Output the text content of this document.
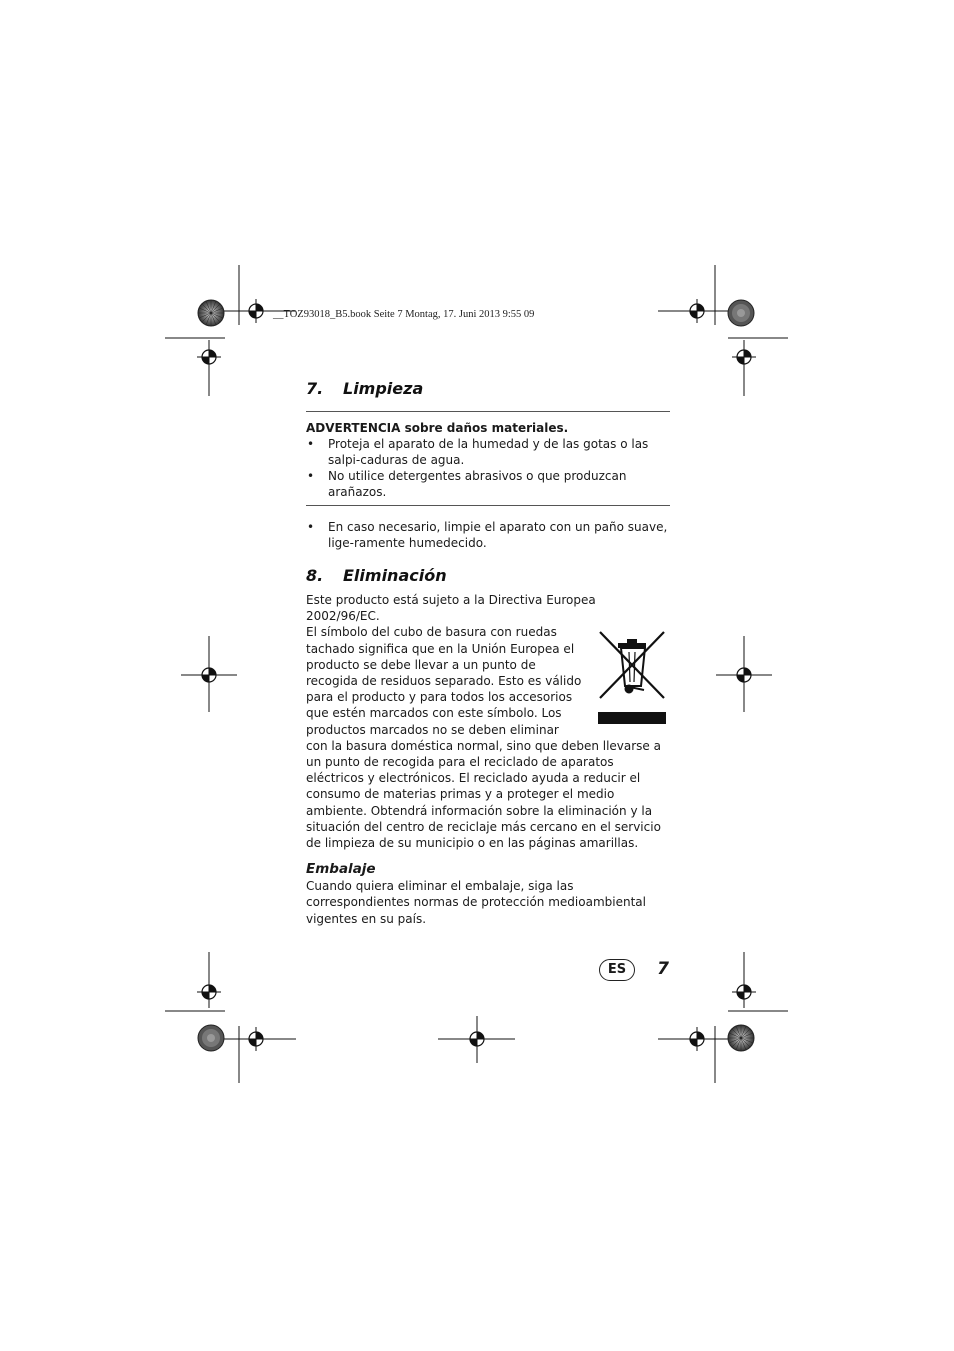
__TOZ93018_B5.book Seite 7 Montag, 17. Juni 2013 9:55 09
7. Limpieza
ADVERTENCIA sobre daños materiales.
• Proteja el aparato de la humedad y de las gotas o las salpi-caduras de agua.
• No utilice detergentes abrasivos o que produzcan arañazos.
• En caso necesario, limpie el aparato con un paño suave, lige-ramente humedecido.
8. Eliminación
Este producto está sujeto a la Directiva Europea 2002/96/EC.
El símbolo del cubo de basura con ruedas tachado significa que en la Unión Europea el producto se debe llevar a un punto de recogida de residuos separado. Esto es válido para el producto y para todos los accesorios que estén marcados con este símbolo. Los productos marcados no se deben eliminar con la basura doméstica normal, sino que deben llevarse a un punto de recogida para el reciclado de aparatos eléctricos y electrónicos. El reciclado ayuda a reducir el consumo de materias primas y a proteger el medio ambiente. Obtendrá información sobre la eliminación y la situación del centro de reciclaje más cercano en el servicio de limpieza de su municipio o en las páginas amarillas.
Embalaje
Cuando quiera eliminar el embalaje, siga las correspondientes normas de protección medioambiental vigentes en su país.
ES	7
